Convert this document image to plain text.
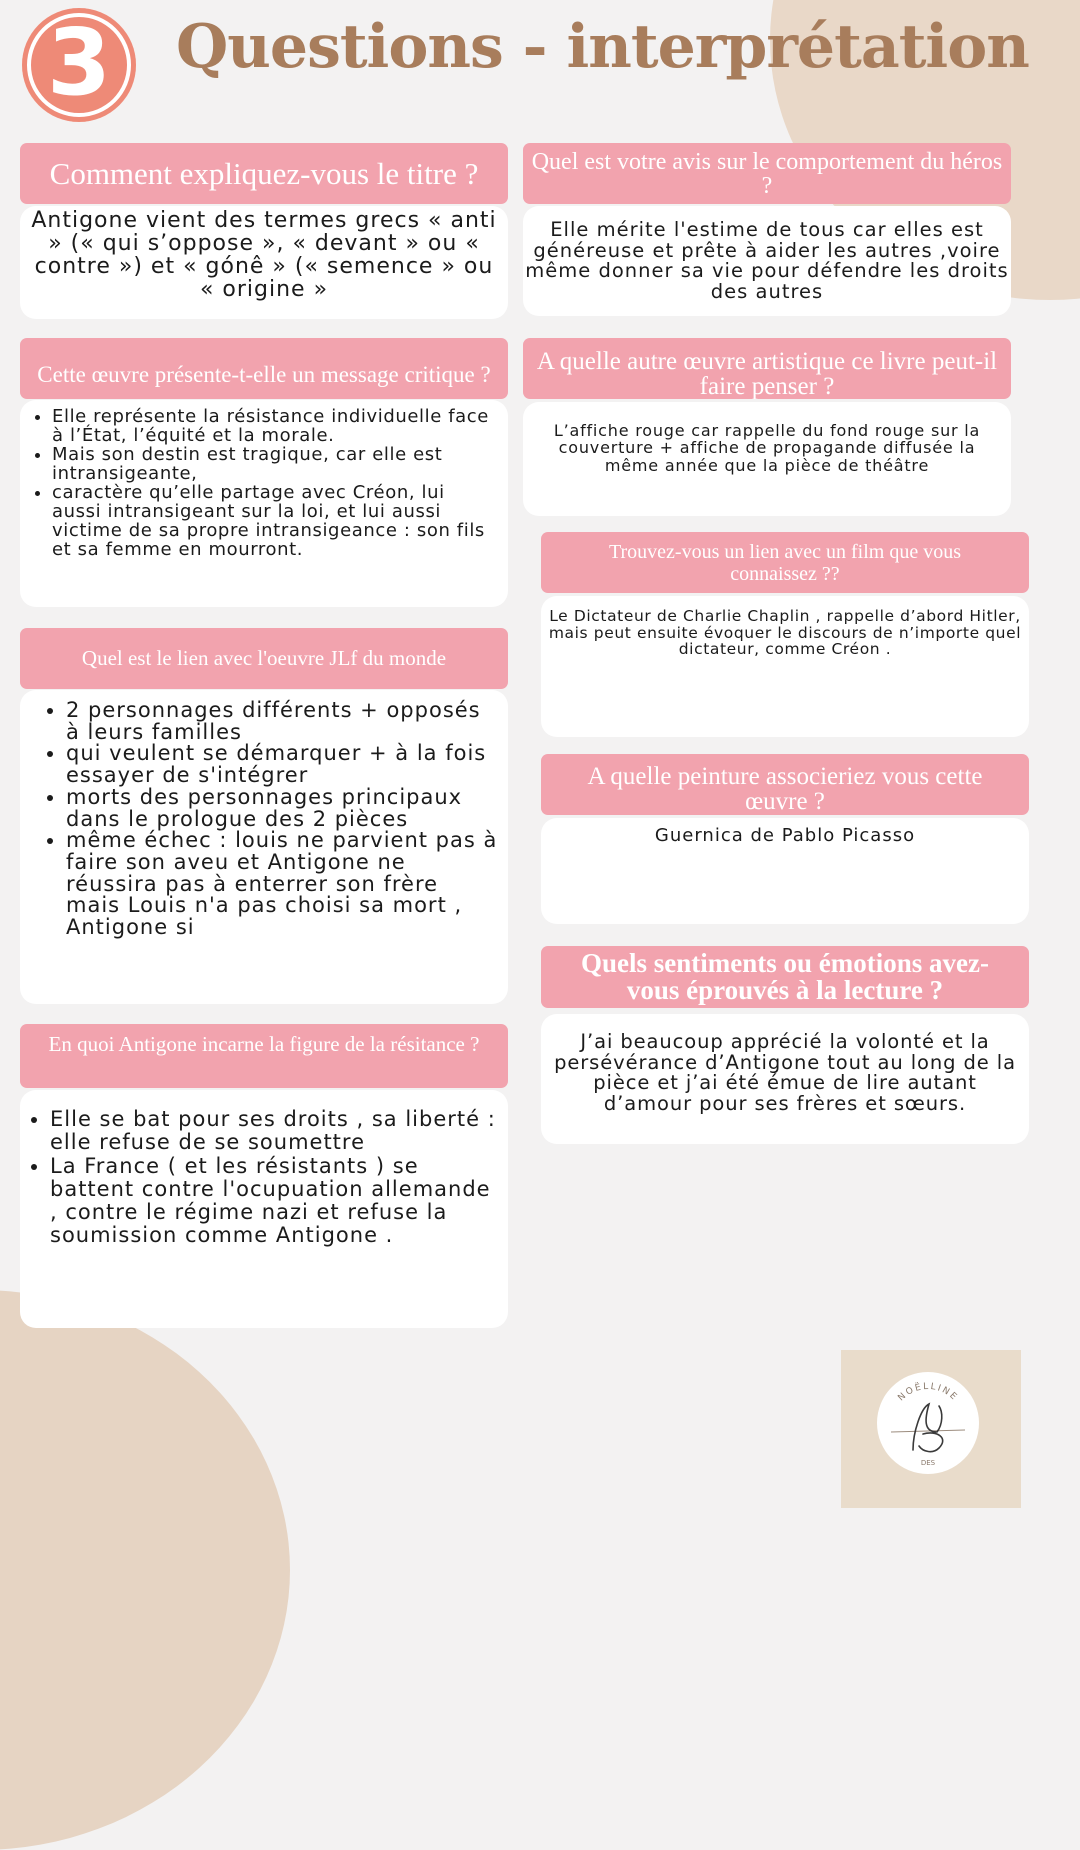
3 Questions - interprétation
Comment expliquez-vous le titre ?

Antigone vient des termes grecs « anti » (« qui s’oppose », « devant » ou « contre ») et « gónê » (« semence » ou « origine »

Cette œuvre présente-t-elle un message critique ?
• Elle représente la résistance individuelle face à l’État, l’équité et la morale.
• Mais son destin est tragique, car elle est intransigeante,
• caractère qu’elle partage avec Créon, lui aussi intransigeant sur la loi, et lui aussi victime de sa propre intransigeance : son fils et sa femme en mourront.
Quel est le lien avec l'oeuvre JLf du monde
• 2 personnages différents + opposés à leurs familles
• qui veulent se démarquer + à la fois essayer de s'intégrer
• morts des personnages principaux dans le prologue des 2 pièces
• même échec : louis ne parvient pas à faire son aveu et Antigone ne réussira pas à enterrer son frère mais Louis n'a pas choisi sa mort , Antigone si
En quoi Antigone incarne la figure de la résitance ?
• Elle se bat pour ses droits , sa liberté : elle refuse de se soumettre
• La France ( et les résistants ) se battent contre l'ocupuation allemande , contre le régime nazi et refuse la soumission comme Antigone .
Quel est votre avis sur le comportement du héros ?

Elle mérite l'estime de tous car elles est généreuse et prête à aider les autres ,voire même donner sa vie pour défendre les droits des autres

A quelle autre œuvre artistique ce livre peut-il faire penser ?

L’affiche rouge car rappelle du fond rouge sur la couverture + affiche de propagande diffusée la même année que la pièce de théâtre

Trouvez-vous un lien avec un film que vous connaissez ??

Le Dictateur de Charlie Chaplin , rappelle d’abord Hitler, mais peut ensuite évoquer le discours de n’importe quel dictateur, comme Créon .

A quelle peinture associeriez vous cette œuvre ?

Guernica de Pablo Picasso

Quels sentiments ou émotions avez-vous éprouvés à la lecture ?

J’ai beaucoup apprécié la volonté et la persévérance d’Antigone tout au long de la pièce et j’ai été émue de lire autant d’amour pour ses frères et sœurs.

NOËLLINE
DES
